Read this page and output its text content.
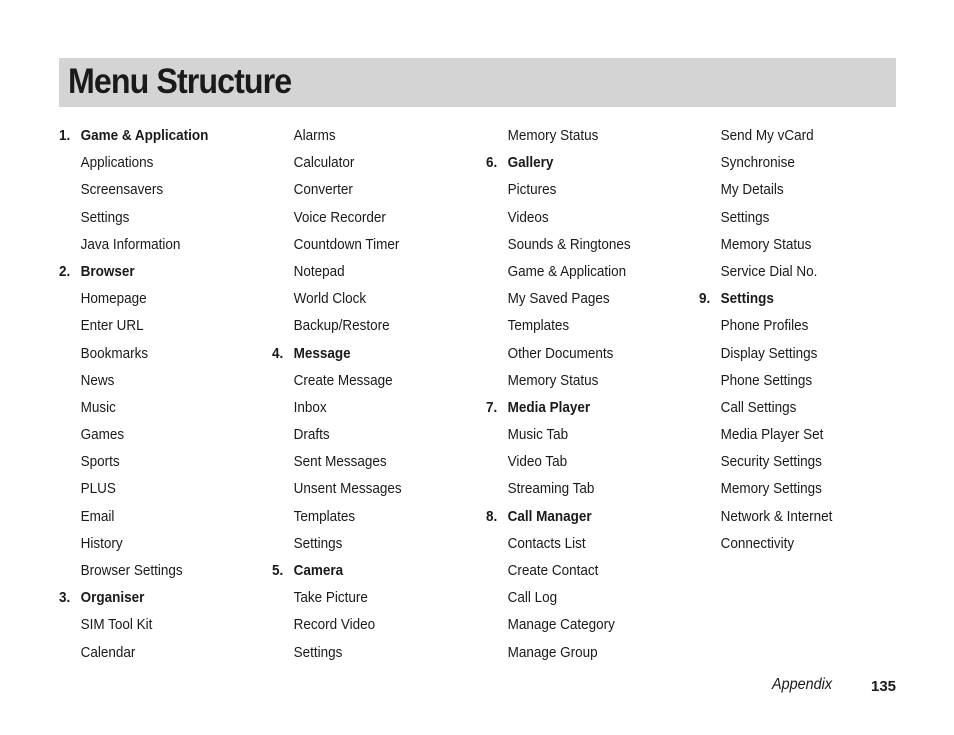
Menu Structure
1. Game & Application
Applications
Screensavers
Settings
Java Information
2. Browser
Homepage
Enter URL
Bookmarks
News
Music
Games
Sports
PLUS
Email
History
Browser Settings
3. Organiser
SIM Tool Kit
Calendar
Alarms
Calculator
Converter
Voice Recorder
Countdown Timer
Notepad
World Clock
Backup/Restore
4. Message
Create Message
Inbox
Drafts
Sent Messages
Unsent Messages
Templates
Settings
5. Camera
Take Picture
Record Video
Settings
Memory Status
6. Gallery
Pictures
Videos
Sounds & Ringtones
Game & Application
My Saved Pages
Templates
Other Documents
Memory Status
7. Media Player
Music Tab
Video Tab
Streaming Tab
8. Call Manager
Contacts List
Create Contact
Call Log
Manage Category
Manage Group
Send My vCard
Synchronise
My Details
Settings
Memory Status
Service Dial No.
9. Settings
Phone Profiles
Display Settings
Phone Settings
Call Settings
Media Player Set
Security Settings
Memory Settings
Network & Internet
Connectivity
Appendix	135
